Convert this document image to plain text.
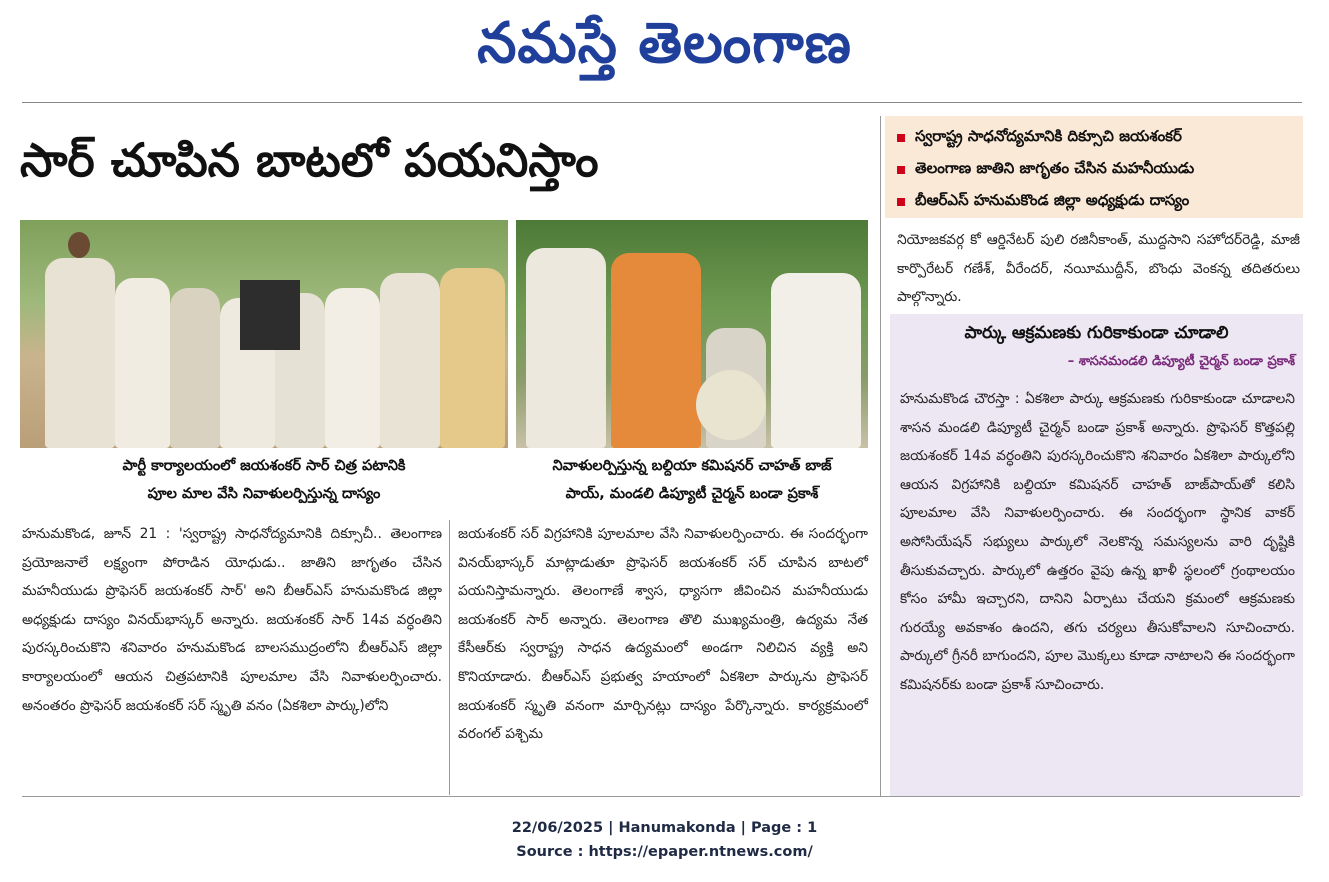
నమస్తే తెలంగాణ
సార్ చూపిన బాటలో పయనిస్తాం	స్వరాష్ట్ర సాధనోద్యమానికి దిక్సూచి జయశంకర్
తెలంగాణ జాతిని జాగృతం చేసిన మహనీయుడు
బీఆర్ఎస్ హనుమకొండ జిల్లా అధ్యక్షుడు దాస్యం

పార్టీ కార్యాలయంలో జయశంకర్ సార్ చిత్ర పటానికి

పూల మాల వేసి నివాళులర్పిస్తున్న దాస్యం

నివాళులర్పిస్తున్న బల్దియా కమిషనర్ చాహత్ బాజ్

పాయ్, మండలి డిప్యూటీ చైర్మన్ బండా ప్రకాశ్

హనుమకొండ, జూన్ 21 : 'స్వరాష్ట్ర సాధనోద్యమానికి దిక్సూచీ.. తెలంగాణ ప్రయోజనాలే లక్ష్యంగా పోరాడిన యోధుడు.. జాతిని జాగృతం చేసిన మహనీయుడు ప్రొఫెసర్ జయశంకర్ సార్' అని బీఆర్ఎస్ హనుమకొండ జిల్లా అధ్యక్షుడు దాస్యం వినయ్‌భాస్కర్ అన్నారు. జయశంకర్ సార్ 14వ వర్ధంతిని పురస్కరించుకొని శనివారం హనుమకొండ బాలసముద్రంలోని బీఆర్ఎస్ జిల్లా కార్యాలయంలో ఆయన చిత్రపటానికి పూలమాల వేసి నివాళులర్పించారు. అనంతరం ప్రొఫెసర్ జయశంకర్ సర్ స్మృతి వనం (ఏకశిలా పార్కు)లోని
జయశంకర్ సర్ విగ్రహానికి పూలమాల వేసి నివాళులర్పించారు. ఈ సందర్భంగా వినయ్‌భాస్కర్ మాట్లాడుతూ ప్రొఫెసర్ జయశంకర్ సర్ చూపిన బాటలో పయనిస్తామన్నారు. తెలంగాణే శ్వాస, ధ్యాసగా జీవించిన మహనీయుడు జయశంకర్ సార్ అన్నారు. తెలంగాణ తొలి ముఖ్యమంత్రి, ఉద్యమ నేత కేసీఆర్‌కు స్వరాష్ట్ర సాధన ఉద్యమంలో అండగా నిలిచిన వ్యక్తి అని కొనియాడారు. బీఆర్ఎస్ ప్రభుత్వ హయాంలో ఏకశిలా పార్కును ప్రొఫెసర్ జయశంకర్ స్మృతి వనంగా మార్చినట్లు దాస్యం పేర్కొన్నారు. కార్యక్రమంలో వరంగల్ పశ్చిమ
నియోజకవర్గ కో ఆర్డినేటర్ పులి రజినీకాంత్, ముద్దసాని సహోదర్‌రెడ్డి, మాజీ కార్పొరేటర్ గణేశ్, వీరేందర్, నయీముద్దీన్, బొంధు వెంకన్న తదితరులు పాల్గొన్నారు.
పార్కు ఆక్రమణకు గురికాకుండా చూడాలి
– శాసనమండలి డిప్యూటీ చైర్మన్ బండా ప్రకాశ్
హనుమకొండ చౌరస్తా : ఏకశిలా పార్కు ఆక్రమణకు గురికాకుండా చూడాలని శాసన మండలి డిప్యూటీ చైర్మన్ బండా ప్రకాశ్ అన్నారు. ప్రొఫెసర్ కొత్తపల్లి జయశంకర్ 14వ వర్ధంతిని పురస్కరించుకొని శనివారం ఏకశిలా పార్కులోని ఆయన విగ్రహానికి బల్దియా కమిషనర్ చాహత్ బాజ్‌పాయ్‌తో కలిసి పూలమాల వేసి నివాళులర్పించారు. ఈ సందర్భంగా స్థానిక వాకర్ అసోసియేషన్ సభ్యులు పార్కులో నెలకొన్న సమస్యలను వారి దృష్టికి తీసుకువచ్చారు. పార్కులో ఉత్తరం వైపు ఉన్న ఖాళీ స్థలంలో గ్రంథాలయం కోసం హామీ ఇచ్చారని, దానిని ఏర్పాటు చేయని క్రమంలో ఆక్రమణకు గురయ్యే అవకాశం ఉందని, తగు చర్యలు తీసుకోవాలని సూచించారు. పార్కులో గ్రీనరీ బాగుందని, పూల మొక్కలు కూడా నాటాలని ఈ సందర్భంగా కమిషనర్‌కు బండా ప్రకాశ్ సూచించారు.
22/06/2025 | Hanumakonda | Page : 1
Source : https://epaper.ntnews.com/
